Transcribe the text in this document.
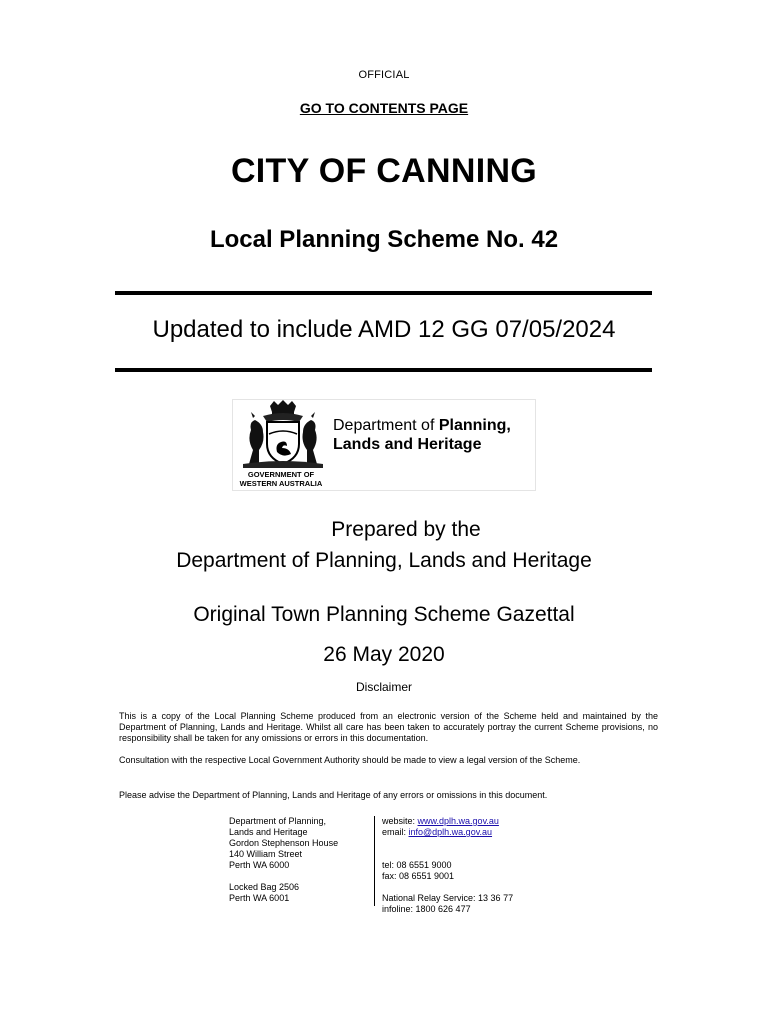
OFFICIAL
GO TO CONTENTS PAGE
CITY OF CANNING
Local Planning Scheme No. 42
Updated to include AMD 12 GG 07/05/2024
Department of Planning,
Lands and Heritage
GOVERNMENT OF
WESTERN AUSTRALIA
Prepared by the
Department of Planning, Lands and Heritage
Original Town Planning Scheme Gazettal
26 May 2020
Disclaimer
This is a copy of the Local Planning Scheme produced from an electronic version of the Scheme held and maintained by the Department of Planning, Lands and Heritage. Whilst all care has been taken to accurately portray the current Scheme provisions, no responsibility shall be taken for any omissions or errors in this documentation.
Consultation with the respective Local Government Authority should be made to view a legal version of the Scheme.
Please advise the Department of Planning, Lands and Heritage of any errors or omissions in this document.
Department of Planning,
Lands and Heritage
Gordon Stephenson House
140 William Street
Perth WA 6000
Locked Bag 2506
Perth WA 6001
website: www.dplh.wa.gov.au
email: info@dplh.wa.gov.au
tel: 08 6551 9000
fax: 08 6551 9001
National Relay Service: 13 36 77
infoline: 1800 626 477
